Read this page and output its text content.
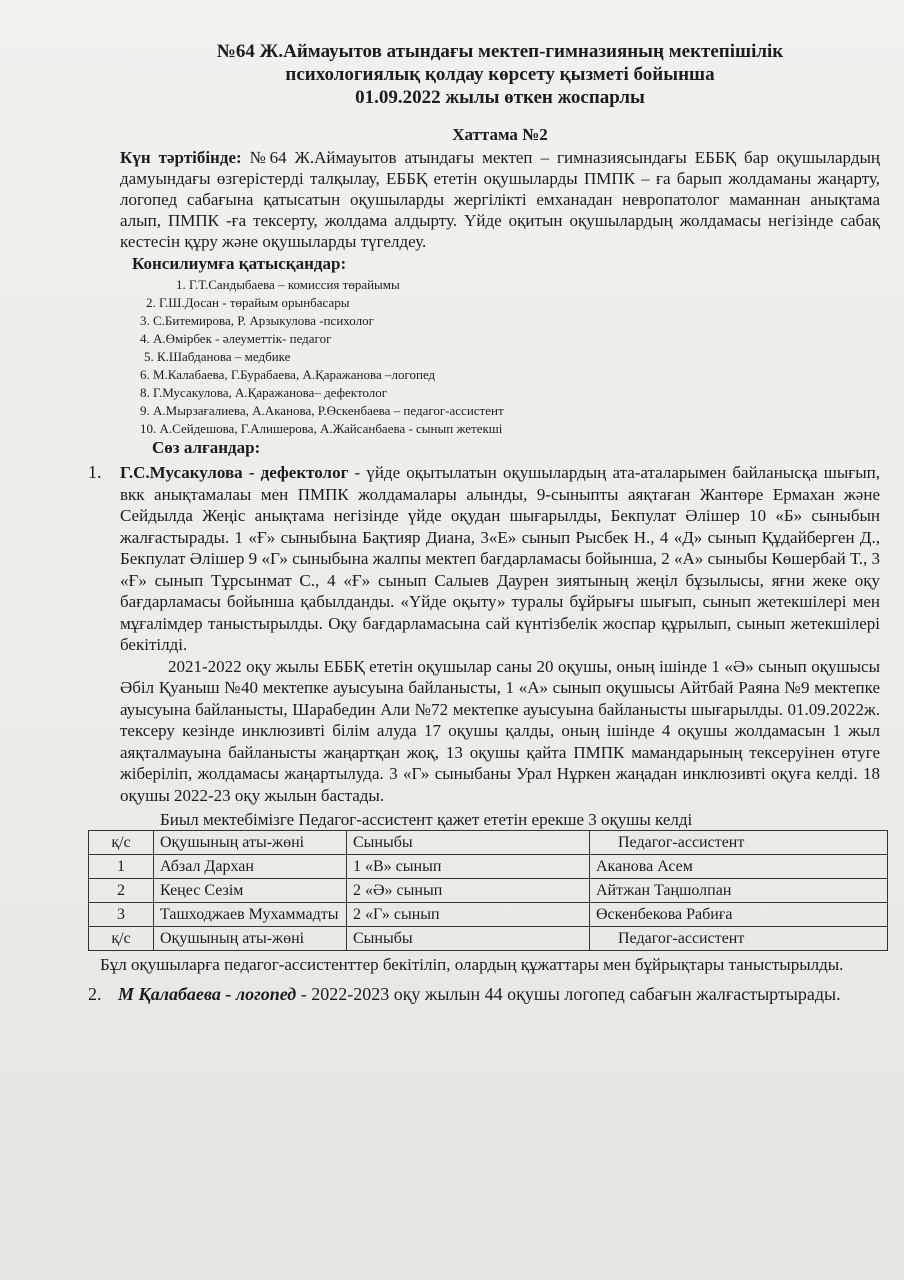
№64 Ж.Аймауытов атындағы мектеп-гимназияның мектепішілік
психологиялық қолдау көрсету қызметі бойынша
01.09.2022 жылы өткен жоспарлы
Хаттама №2

Күн тәртібінде: №64 Ж.Аймауытов атындағы мектеп – гимназиясындағы ЕББҚ бар оқушылардың дамуындағы өзгерістерді талқылау, ЕББҚ ететін оқушыларды ПМПК – ға барып жолдаманы жаңарту, логопед сабағына қатысатын оқушыларды жергілікті емханадан невропатолог маманнан анықтама алып, ПМПК -ға тексерту, жолдама алдырту. Үйде оқитын оқушылардың жолдамасы негізінде сабақ кестесін құру және оқушыларды түгелдеу.

Консилиумға қатысқандар:
1. Г.Т.Сандыбаева – комиссия төрайымы
2. Г.Ш.Досан - төрайым орынбасары
3. С.Битемирова, Р. Арзыкулова -психолог
4. А.Өмірбек - әлеуметтік- педагог
5. К.Шабданова – медбике
6. М.Калабаева, Г.Бурабаева, А.Қаражанова –логопед
8. Г.Мусакулова, А.Қаражанова– дефектолог
9. А.Мырзағалиева, А.Аканова, Р.Өскенбаева – педагог-ассистент
10. А.Сейдешова, Г.Алишерова, А.Жайсанбаева - сынып жетекші
Сөз алғандар:
1. Г.С.Мусакулова - дефектолог - үйде оқытылатын оқушылардың ата-аталарымен байланысқа шығып, вкк анықтамалаы мен ПМПК жолдамалары алынды, 9-сыныпты аяқтаған Жантөре Ермахан және Сейдылда Жеңіс анықтама негізінде үйде оқудан шығарылды, Бекпулат Әлішер 10 «Б» сыныбын жалғастырады. 1 «Ғ» сыныбына Бақтияр Диана, 3«Е» сынып Рысбек Н., 4 «Д» сынып Құдайберген Д., Бекпулат Әлішер 9 «Г» сыныбына жалпы мектеп бағдарламасы бойынша, 2 «А» сыныбы Көшербай Т., 3 «Ғ» сынып Тұрсынмат С., 4 «Ғ» сынып Салыев Даурен зиятының жеңіл бұзылысы, яғни жеке оқу бағдарламасы бойынша қабылданды. «Үйде оқыту» туралы бұйрығы шығып, сынып жетекшілері мен мұғалімдер таныстырылды. Оқу бағдарламасына сай күнтізбелік жоспар құрылып, сынып жетекшілері бекітілді.
2021-2022 оқу жылы ЕББҚ ететін оқушылар саны 20 оқушы, оның ішінде 1 «Ә» сынып оқушысы Әбіл Қуаныш №40 мектепке ауысуына байланысты, 1 «А» сынып оқушысы Айтбай Раяна №9 мектепке ауысуына байланысты, Шарабедин Али №72 мектепке ауысуына байланысты шығарылды. 01.09.2022ж. тексеру кезінде инклюзивті білім алуда 17 оқушы қалды, оның ішінде 4 оқушы жолдамасын 1 жыл аяқталмауына байланысты жаңартқан жоқ, 13 оқушы қайта ПМПК мамандарының тексеруінен өтуге жіберіліп, жолдамасы жаңартылуда. 3 «Г» сыныбаны Урал Нұркен жаңадан инклюзивті оқуға келді. 18 оқушы 2022-23 оқу жылын бастады.
Биыл мектебімізге Педагог-ассистент қажет ететін ерекше 3 оқушы келді
қ/с	Оқушының аты-жөні	Сыныбы	Педагог-ассистент
1	Абзал Дархан	1 «В» сынып	Аканова Асем
2	Кеңес Сезім	2 «Ә» сынып	Айтжан Таңшолпан
3	Ташходжаев Мухаммадты	2 «Г» сынып	Өскенбекова Рабиға
қ/с	Оқушының аты-жөні	Сыныбы	Педагог-ассистент

Бұл оқушыларға педагог-ассистенттер бекітіліп, олардың құжаттары мен бұйрықтары таныстырылды.

2. М Қалабаева - логопед - 2022-2023 оқу жылын 44 оқушы логопед сабағын жалғастыртырады.
